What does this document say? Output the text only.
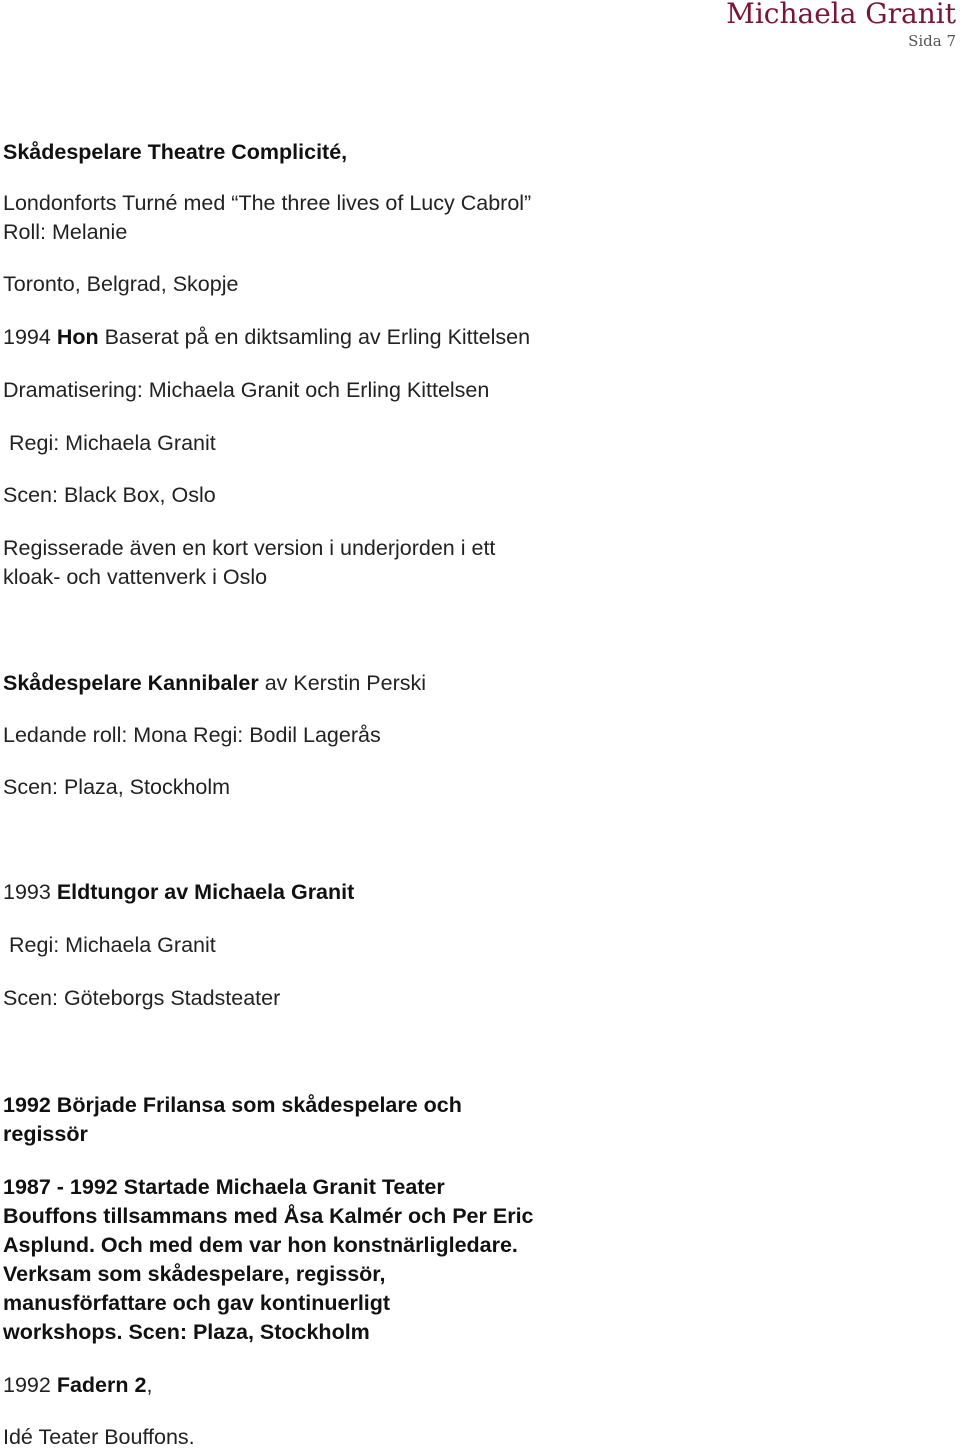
Michaela Granit
Sida 7
Skådespelare Theatre Complicité,
Londonforts Turné med “The three lives of Lucy Cabrol”
Roll: Melanie
Toronto, Belgrad, Skopje
1994 Hon Baserat på en diktsamling av Erling Kittelsen
Dramatisering: Michaela Granit och Erling Kittelsen
Regi: Michaela Granit
Scen: Black Box, Oslo
Regisserade även en kort version i underjorden i ett
kloak- och vattenverk i Oslo
Skådespelare Kannibaler av Kerstin Perski
Ledande roll: Mona Regi: Bodil Lagerås
Scen: Plaza, Stockholm
1993 Eldtungor av Michaela Granit
Regi: Michaela Granit
Scen: Göteborgs Stadsteater
1992 Började Frilansa som skådespelare och
regissör
1987 - 1992 Startade Michaela Granit Teater
Bouffons tillsammans med Åsa Kalmér och Per Eric
Asplund. Och med dem var hon konstnärligledare.
Verksam som skådespelare, regissör,
manusförfattare och gav kontinuerligt
workshops. Scen: Plaza, Stockholm
1992 Fadern 2,
Idé Teater Bouffons.
